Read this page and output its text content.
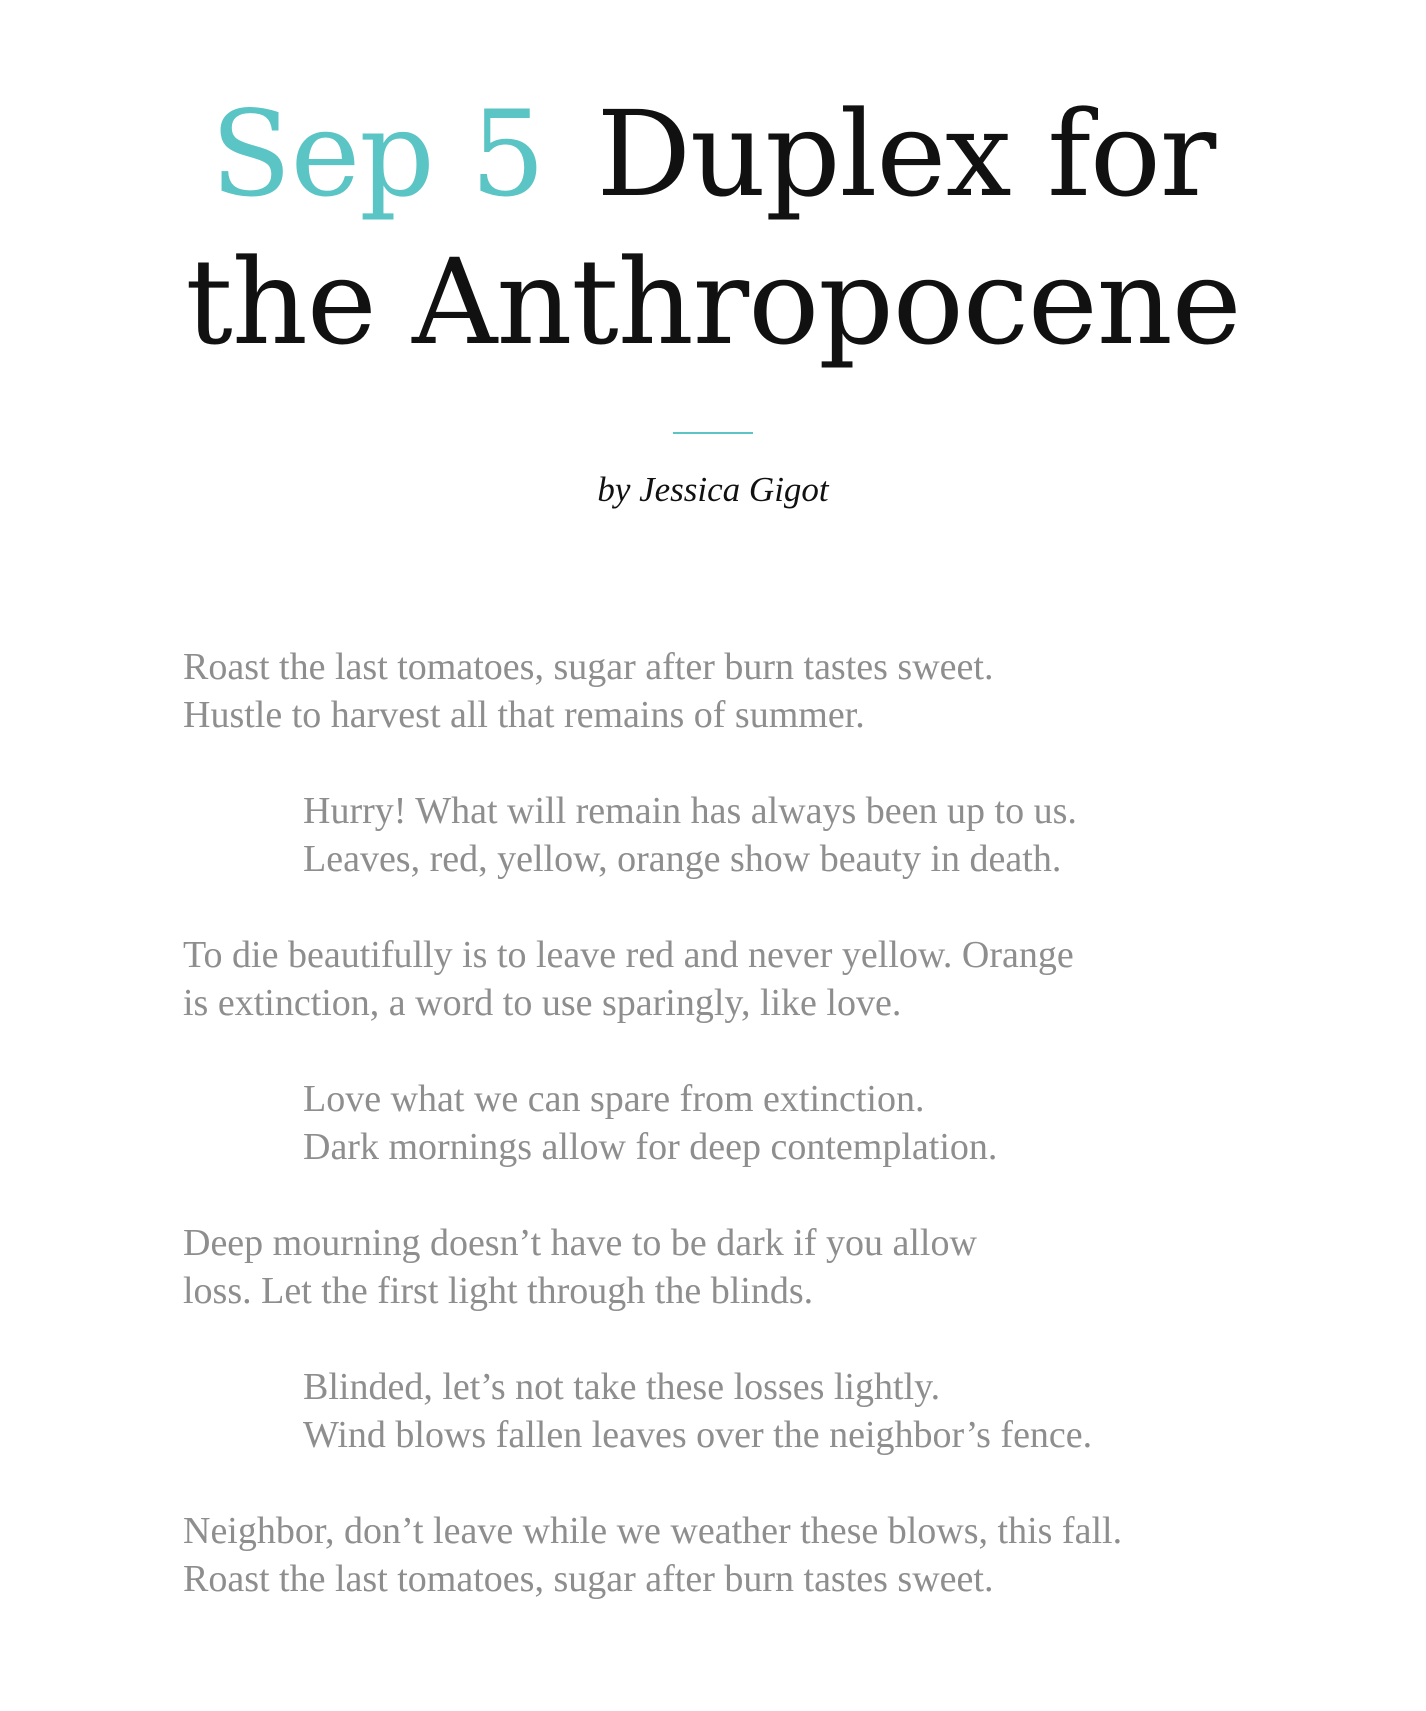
Sep 5 Duplex for the Anthropocene
by Jessica Gigot
Roast the last tomatoes, sugar after burn tastes sweet.
Hustle to harvest all that remains of summer.
Hurry! What will remain has always been up to us.
Leaves, red, yellow, orange show beauty in death.
To die beautifully is to leave red and never yellow. Orange
is extinction, a word to use sparingly, like love.
Love what we can spare from extinction.
Dark mornings allow for deep contemplation.
Deep mourning doesn’t have to be dark if you allow
loss. Let the first light through the blinds.
Blinded, let’s not take these losses lightly.
Wind blows fallen leaves over the neighbor’s fence.
Neighbor, don’t leave while we weather these blows, this fall.
Roast the last tomatoes, sugar after burn tastes sweet.
